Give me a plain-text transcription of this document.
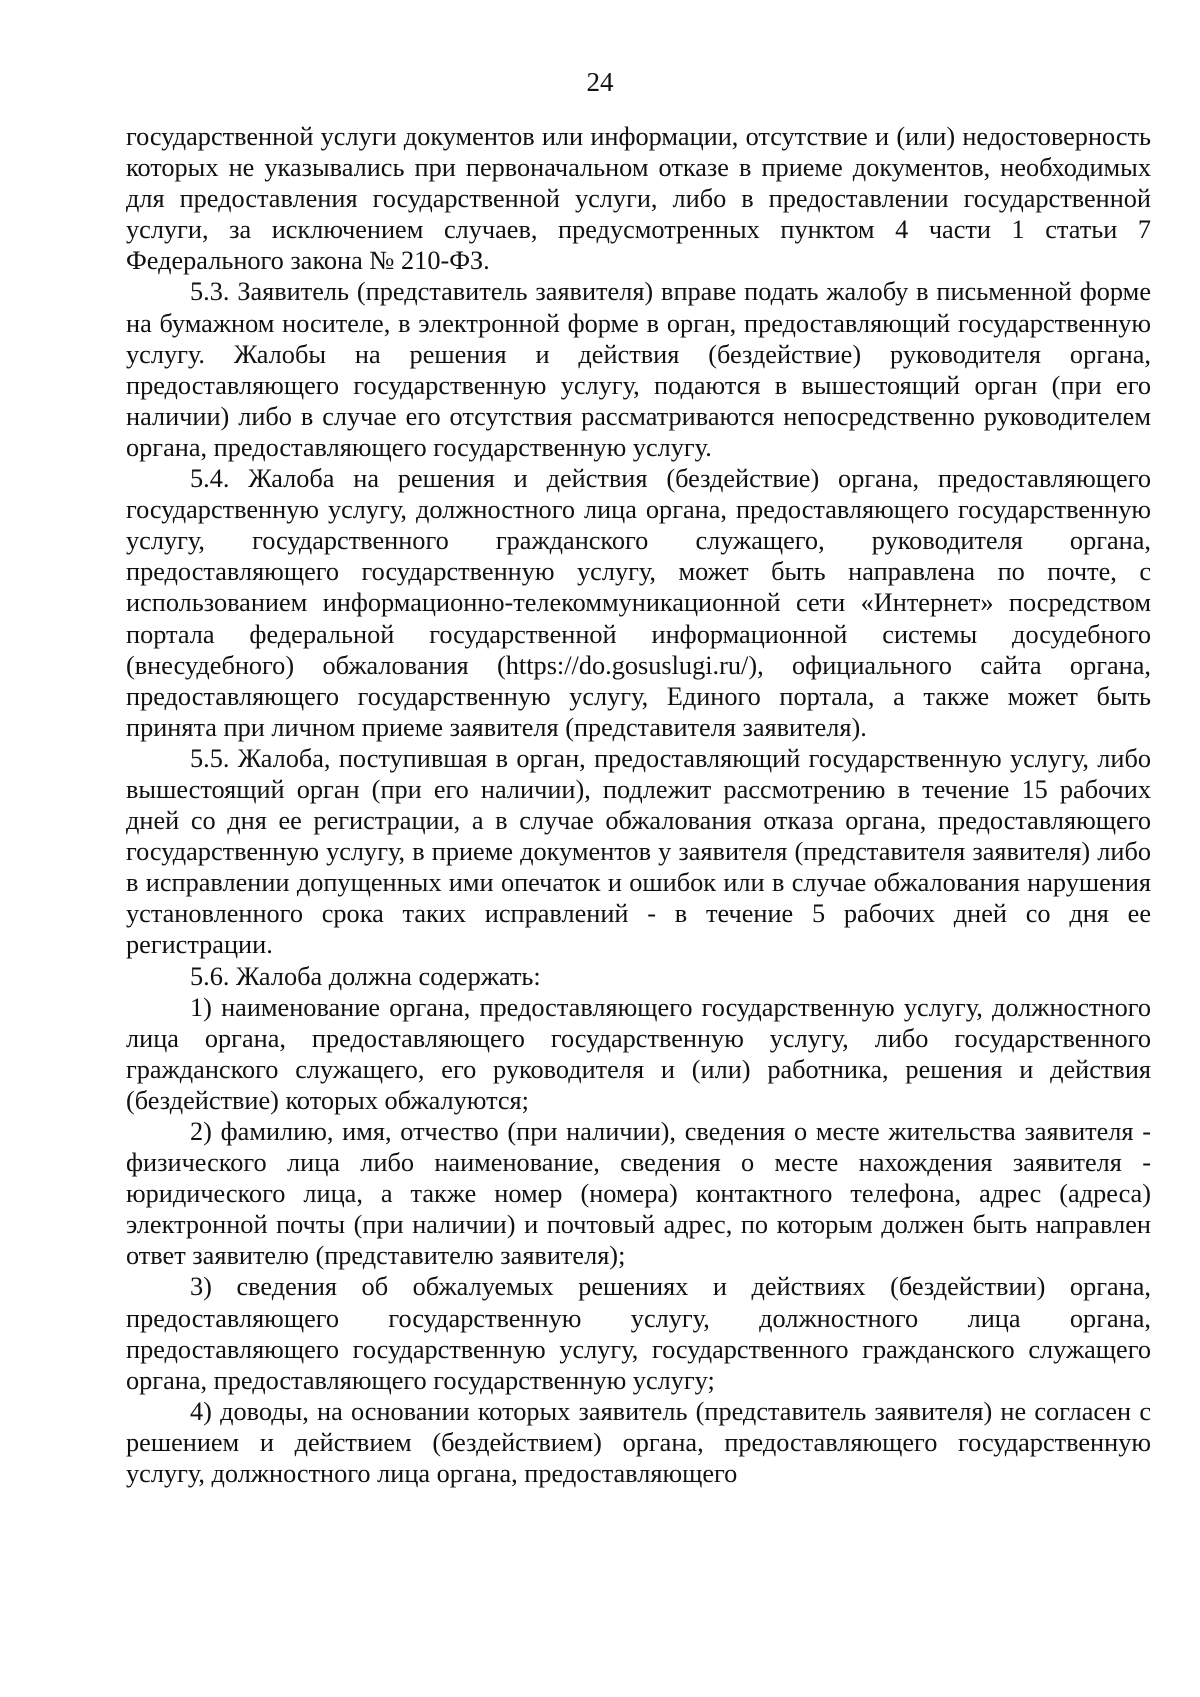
24

государственной услуги документов или информации, отсутствие и (или) недостоверность которых не указывались при первоначальном отказе в приеме документов, необходимых для предоставления государственной услуги, либо в предоставлении государственной услуги, за исключением случаев, предусмотренных пунктом 4 части 1 статьи 7 Федерального закона № 210-ФЗ.

5.3. Заявитель (представитель заявителя) вправе подать жалобу в письменной форме на бумажном носителе, в электронной форме в орган, предоставляющий государственную услугу. Жалобы на решения и действия (бездействие) руководителя органа, предоставляющего государственную услугу, подаются в вышестоящий орган (при его наличии) либо в случае его отсутствия рассматриваются непосредственно руководителем органа, предоставляющего государственную услугу.

5.4. Жалоба на решения и действия (бездействие) органа, предоставляющего государственную услугу, должностного лица органа, предоставляющего государственную услугу, государственного гражданского служащего, руководителя органа, предоставляющего государственную услугу, может быть направлена по почте, с использованием информационно-телекоммуникационной сети «Интернет» посредством портала федеральной государственной информационной системы досудебного (внесудебного) обжалования (https://do.gosuslugi.ru/), официального сайта органа, предоставляющего государственную услугу, Единого портала, а также может быть принята при личном приеме заявителя (представителя заявителя).

5.5. Жалоба, поступившая в орган, предоставляющий государственную услугу, либо вышестоящий орган (при его наличии), подлежит рассмотрению в течение 15 рабочих дней со дня ее регистрации, а в случае обжалования отказа органа, предоставляющего государственную услугу, в приеме документов у заявителя (представителя заявителя) либо в исправлении допущенных ими опечаток и ошибок или в случае обжалования нарушения установленного срока таких исправлений - в течение 5 рабочих дней со дня ее регистрации.

5.6. Жалоба должна содержать:

1) наименование органа, предоставляющего государственную услугу, должностного лица органа, предоставляющего государственную услугу, либо государственного гражданского служащего, его руководителя и (или) работника, решения и действия (бездействие) которых обжалуются;

2) фамилию, имя, отчество (при наличии), сведения о месте жительства заявителя - физического лица либо наименование, сведения о месте нахождения заявителя - юридического лица, а также номер (номера) контактного телефона, адрес (адреса) электронной почты (при наличии) и почтовый адрес, по которым должен быть направлен ответ заявителю (представителю заявителя);

3) сведения об обжалуемых решениях и действиях (бездействии) органа, предоставляющего государственную услугу, должностного лица органа, предоставляющего государственную услугу, государственного гражданского служащего органа, предоставляющего государственную услугу;

4) доводы, на основании которых заявитель (представитель заявителя) не согласен с решением и действием (бездействием) органа, предоставляющего государственную услугу, должностного лица органа, предоставляющего
